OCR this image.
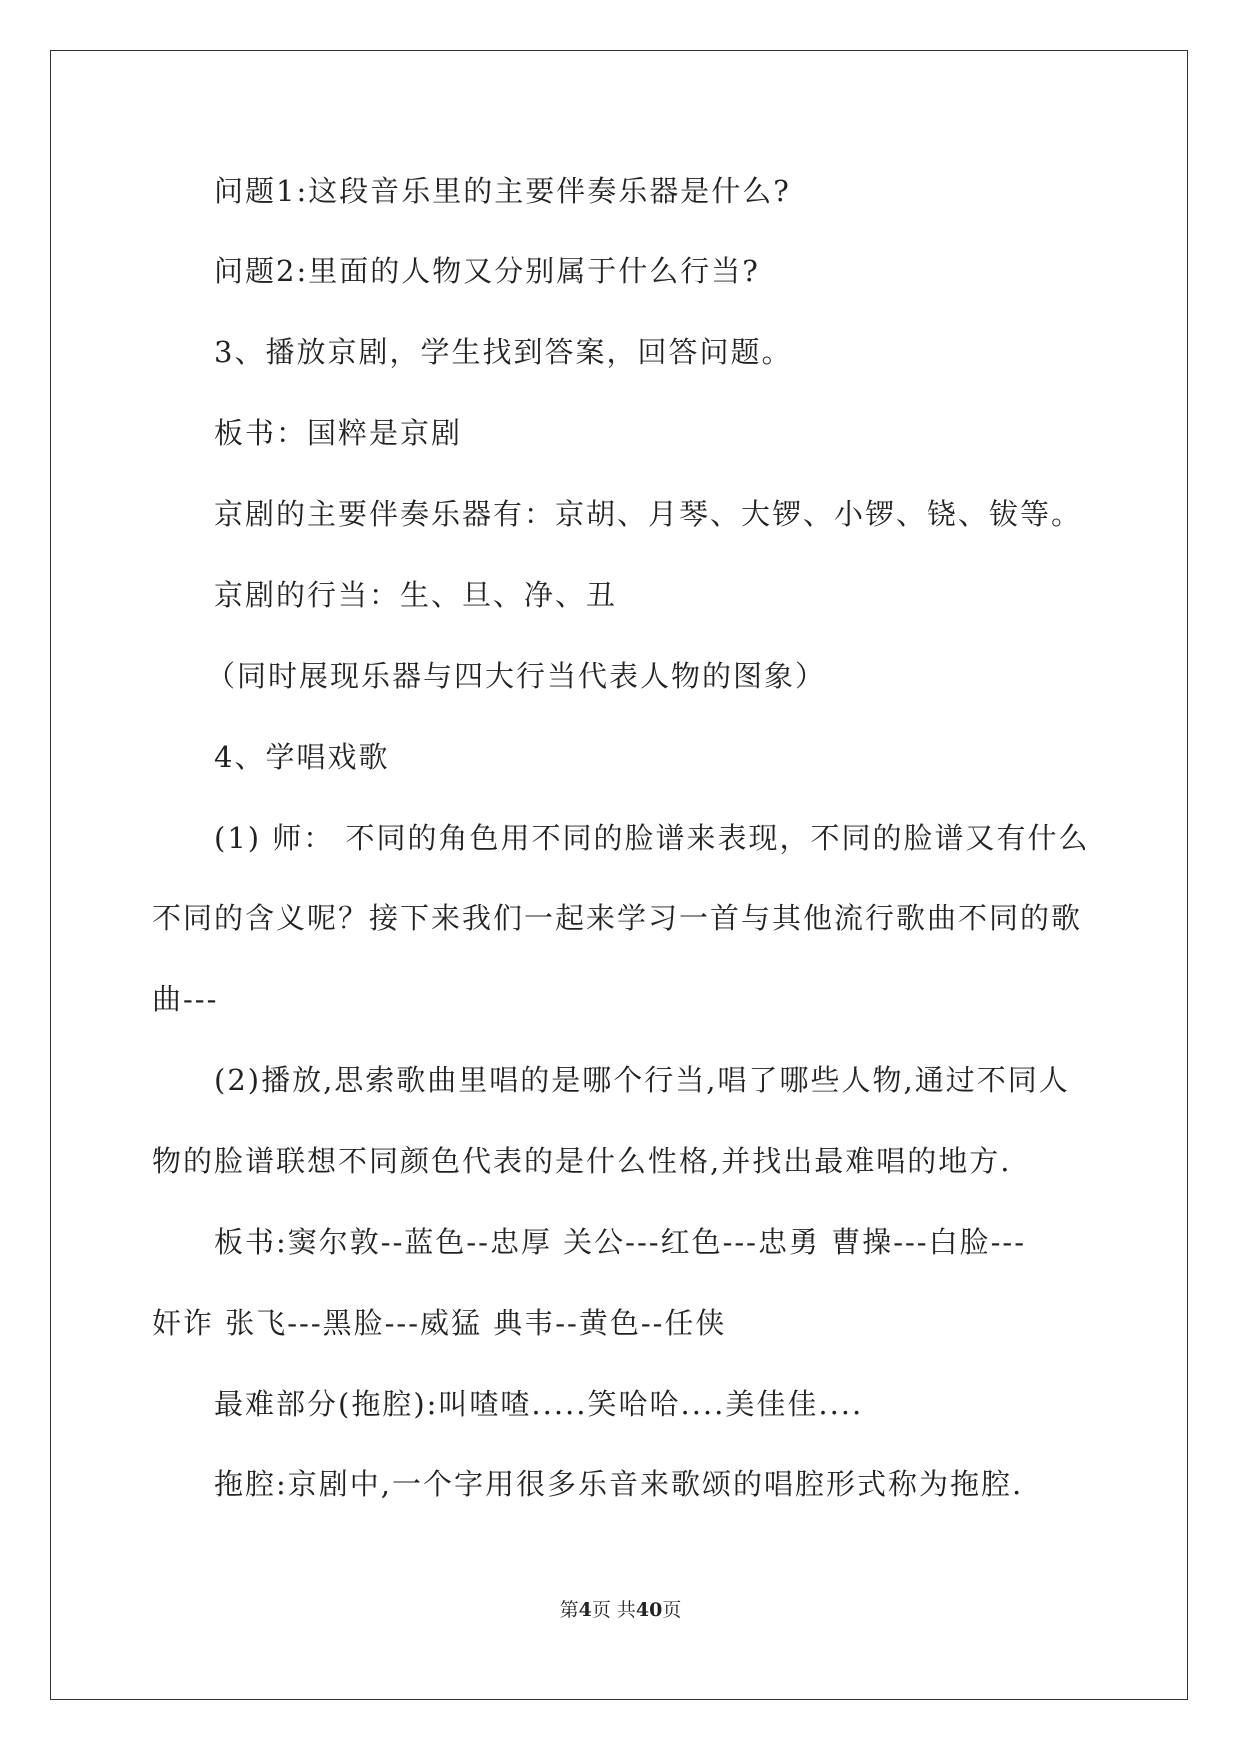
问题1:这段音乐里的主要伴奏乐器是什么?
问题2:里面的人物又分别属于什么行当?
3、播放京剧，学生找到答案，回答问题。
板书：国粹是京剧
京剧的主要伴奏乐器有：京胡、月琴、大锣、小锣、铙、钹等。
京剧的行当：生、旦、净、丑
（同时展现乐器与四大行当代表人物的图象）
4、学唱戏歌
(1) 师： 不同的角色用不同的脸谱来表现，不同的脸谱又有什么
不同的含义呢？接下来我们一起来学习一首与其他流行歌曲不同的歌
曲---
(2)播放,思索歌曲里唱的是哪个行当,唱了哪些人物,通过不同人
物的脸谱联想不同颜色代表的是什么性格,并找出最难唱的地方.
板书:窦尔敦--蓝色--忠厚 关公---红色---忠勇 曹操---白脸---
奸诈 张飞---黑脸---威猛 典韦--黄色--任侠
最难部分(拖腔):叫喳喳.....笑哈哈....美佳佳....
拖腔:京剧中,一个字用很多乐音来歌颂的唱腔形式称为拖腔.
第4页 共40页
